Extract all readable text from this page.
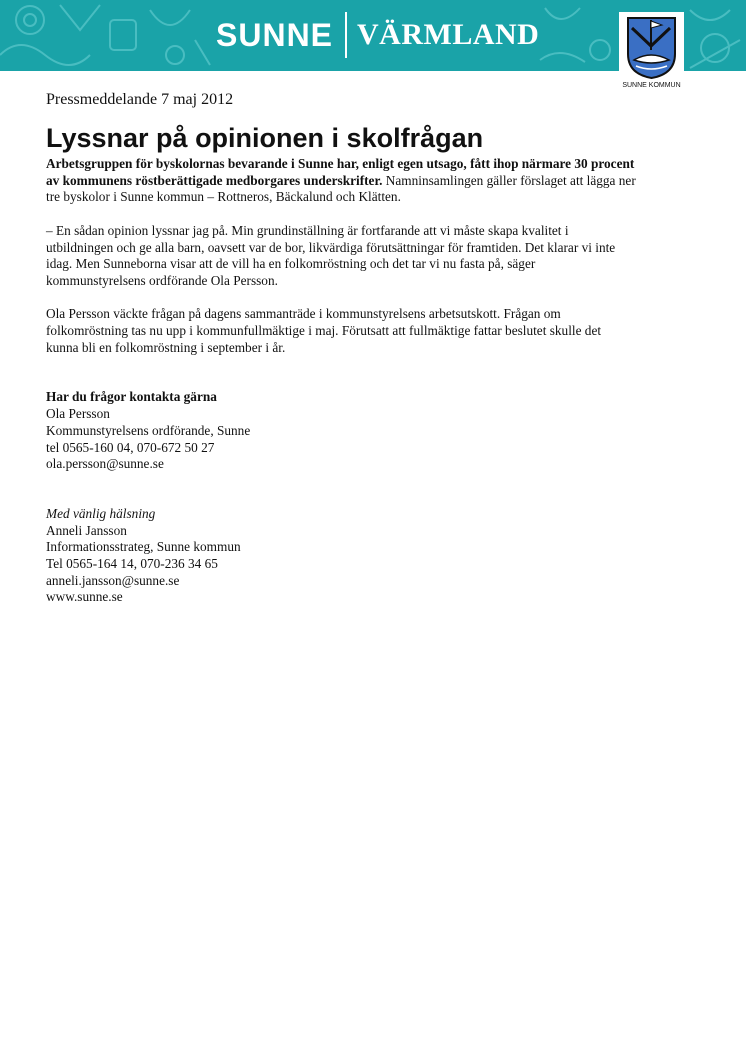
SUNNE VÄRMLAND
SUNNE KOMMUN

Pressmeddelande 7 maj 2012

Lyssnar på opinionen i skolfrågan

Arbetsgruppen för byskolornas bevarande i Sunne har, enligt egen utsago, fått ihop närmare 30 procent av kommunens röstberättigade medborgares underskrifter. Namninsamlingen gäller förslaget att lägga ner tre byskolor i Sunne kommun – Rottneros, Bäckalund och Klätten.

– En sådan opinion lyssnar jag på. Min grundinställning är fortfarande att vi måste skapa kvalitet i utbildningen och ge alla barn, oavsett var de bor, likvärdiga förutsättningar för framtiden. Det klarar vi inte idag. Men Sunneborna visar att de vill ha en folkomröstning och det tar vi nu fasta på, säger kommunstyrelsens ordförande Ola Persson.

Ola Persson väckte frågan på dagens sammanträde i kommunstyrelsens arbetsutskott. Frågan om folkomröstning tas nu upp i kommunfullmäktige i maj. Förutsatt att fullmäktige fattar beslutet skulle det kunna bli en folkomröstning i september i år.

Har du frågor kontakta gärna

Ola Persson

Kommunstyrelsens ordförande, Sunne

tel 0565-160 04, 070-672 50 27

ola.persson@sunne.se

Med vänlig hälsning

Anneli Jansson

Informationsstrateg, Sunne kommun

Tel 0565-164 14, 070-236 34 65

anneli.jansson@sunne.se

www.sunne.se
